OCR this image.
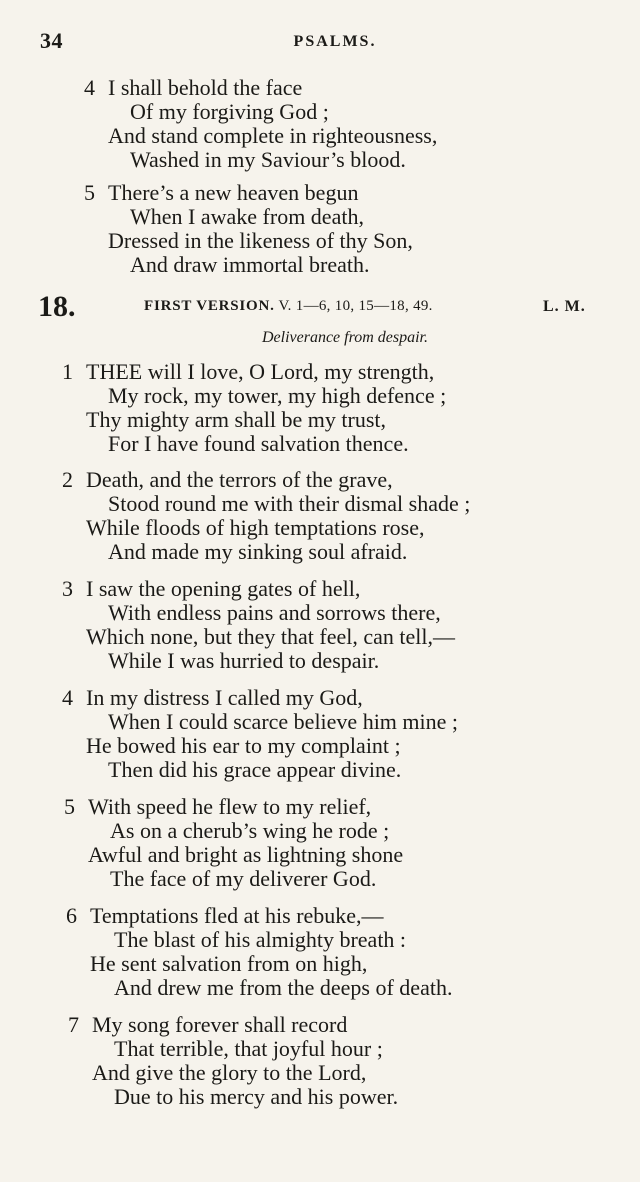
34	PSALMS.
4 I shall behold the face
Of my forgiving God ;
And stand complete in righteousness,
Washed in my Saviour’s blood.
5 There’s a new heaven begun
When I awake from death,
Dressed in the likeness of thy Son,
And draw immortal breath.
18.	FIRST VERSION. V. 1—6, 10, 15—18, 49.	L. M.
Deliverance from despair.
1 THEE will I love, O Lord, my strength,
My rock, my tower, my high defence ;
Thy mighty arm shall be my trust,
For I have found salvation thence.
2 Death, and the terrors of the grave,
Stood round me with their dismal shade ;
While floods of high temptations rose,
And made my sinking soul afraid.
3 I saw the opening gates of hell,
With endless pains and sorrows there,
Which none, but they that feel, can tell,—
While I was hurried to despair.
4 In my distress I called my God,
When I could scarce believe him mine ;
He bowed his ear to my complaint ;
Then did his grace appear divine.
5 With speed he flew to my relief,
As on a cherub’s wing he rode ;
Awful and bright as lightning shone
The face of my deliverer God.
6 Temptations fled at his rebuke,—
The blast of his almighty breath :
He sent salvation from on high,
And drew me from the deeps of death.
7 My song forever shall record
That terrible, that joyful hour ;
And give the glory to the Lord,
Due to his mercy and his power.
